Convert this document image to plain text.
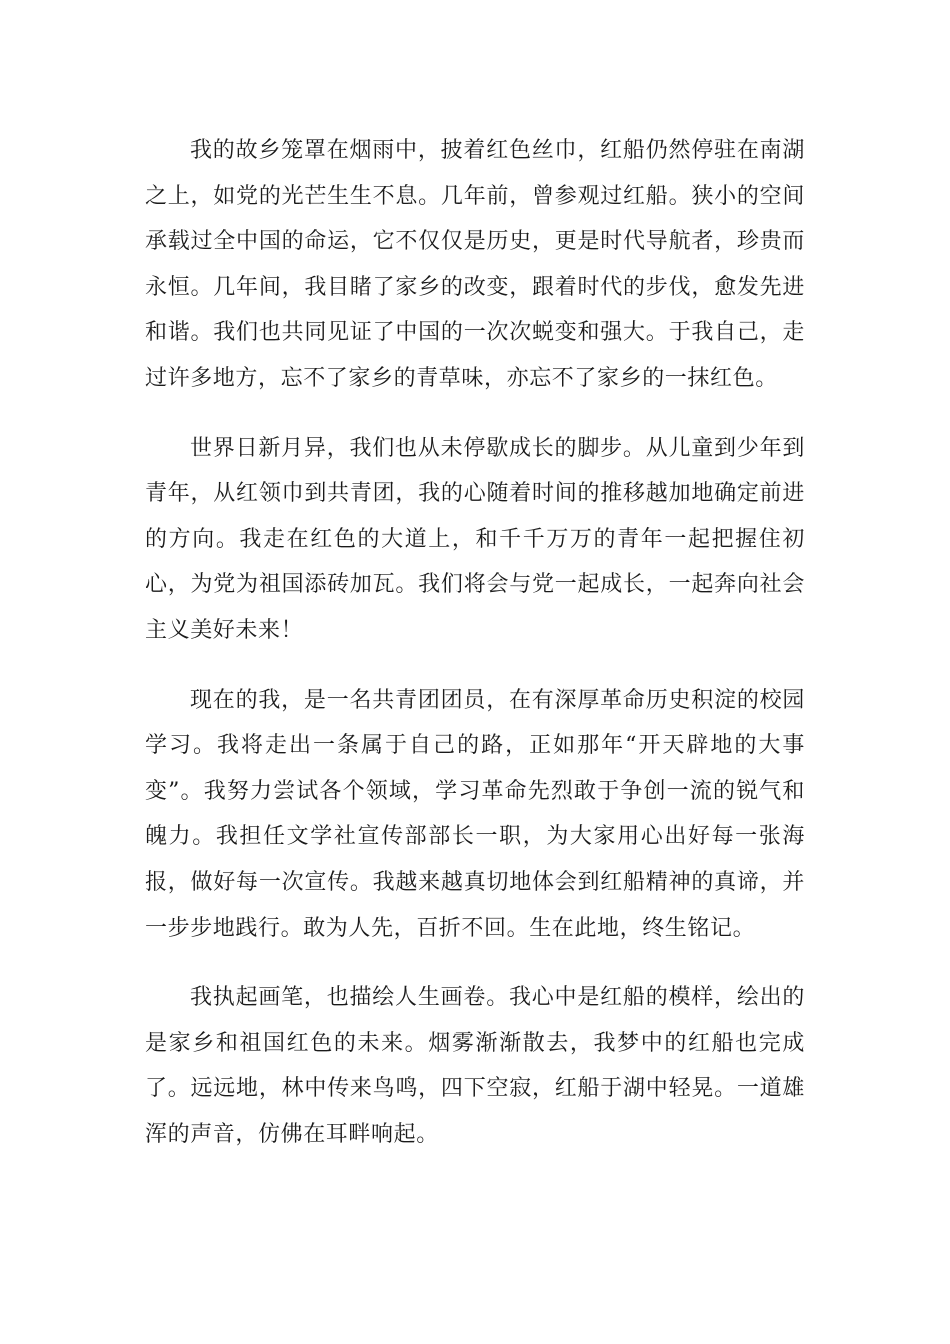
我的故乡笼罩在烟雨中，披着红色丝巾，红船仍然停驻在南湖之上，如党的光芒生生不息。几年前，曾参观过红船。狭小的空间承载过全中国的命运，它不仅仅是历史，更是时代导航者，珍贵而永恒。几年间，我目睹了家乡的改变，跟着时代的步伐，愈发先进和谐。我们也共同见证了中国的一次次蜕变和强大。于我自己，走过许多地方，忘不了家乡的青草味，亦忘不了家乡的一抹红色。

世界日新月异，我们也从未停歇成长的脚步。从儿童到少年到青年，从红领巾到共青团，我的心随着时间的推移越加地确定前进的方向。我走在红色的大道上，和千千万万的青年一起把握住初心，为党为祖国添砖加瓦。我们将会与党一起成长，一起奔向社会主义美好未来！

现在的我，是一名共青团团员，在有深厚革命历史积淀的校园学习。我将走出一条属于自己的路，正如那年“开天辟地的大事变”。我努力尝试各个领域，学习革命先烈敢于争创一流的锐气和魄力。我担任文学社宣传部部长一职，为大家用心出好每一张海报，做好每一次宣传。我越来越真切地体会到红船精神的真谛，并一步步地践行。敢为人先，百折不回。生在此地，终生铭记。

我执起画笔，也描绘人生画卷。我心中是红船的模样，绘出的是家乡和祖国红色的未来。烟雾渐渐散去，我梦中的红船也完成了。远远地，林中传来鸟鸣，四下空寂，红船于湖中轻晃。一道雄浑的声音，仿佛在耳畔响起。
